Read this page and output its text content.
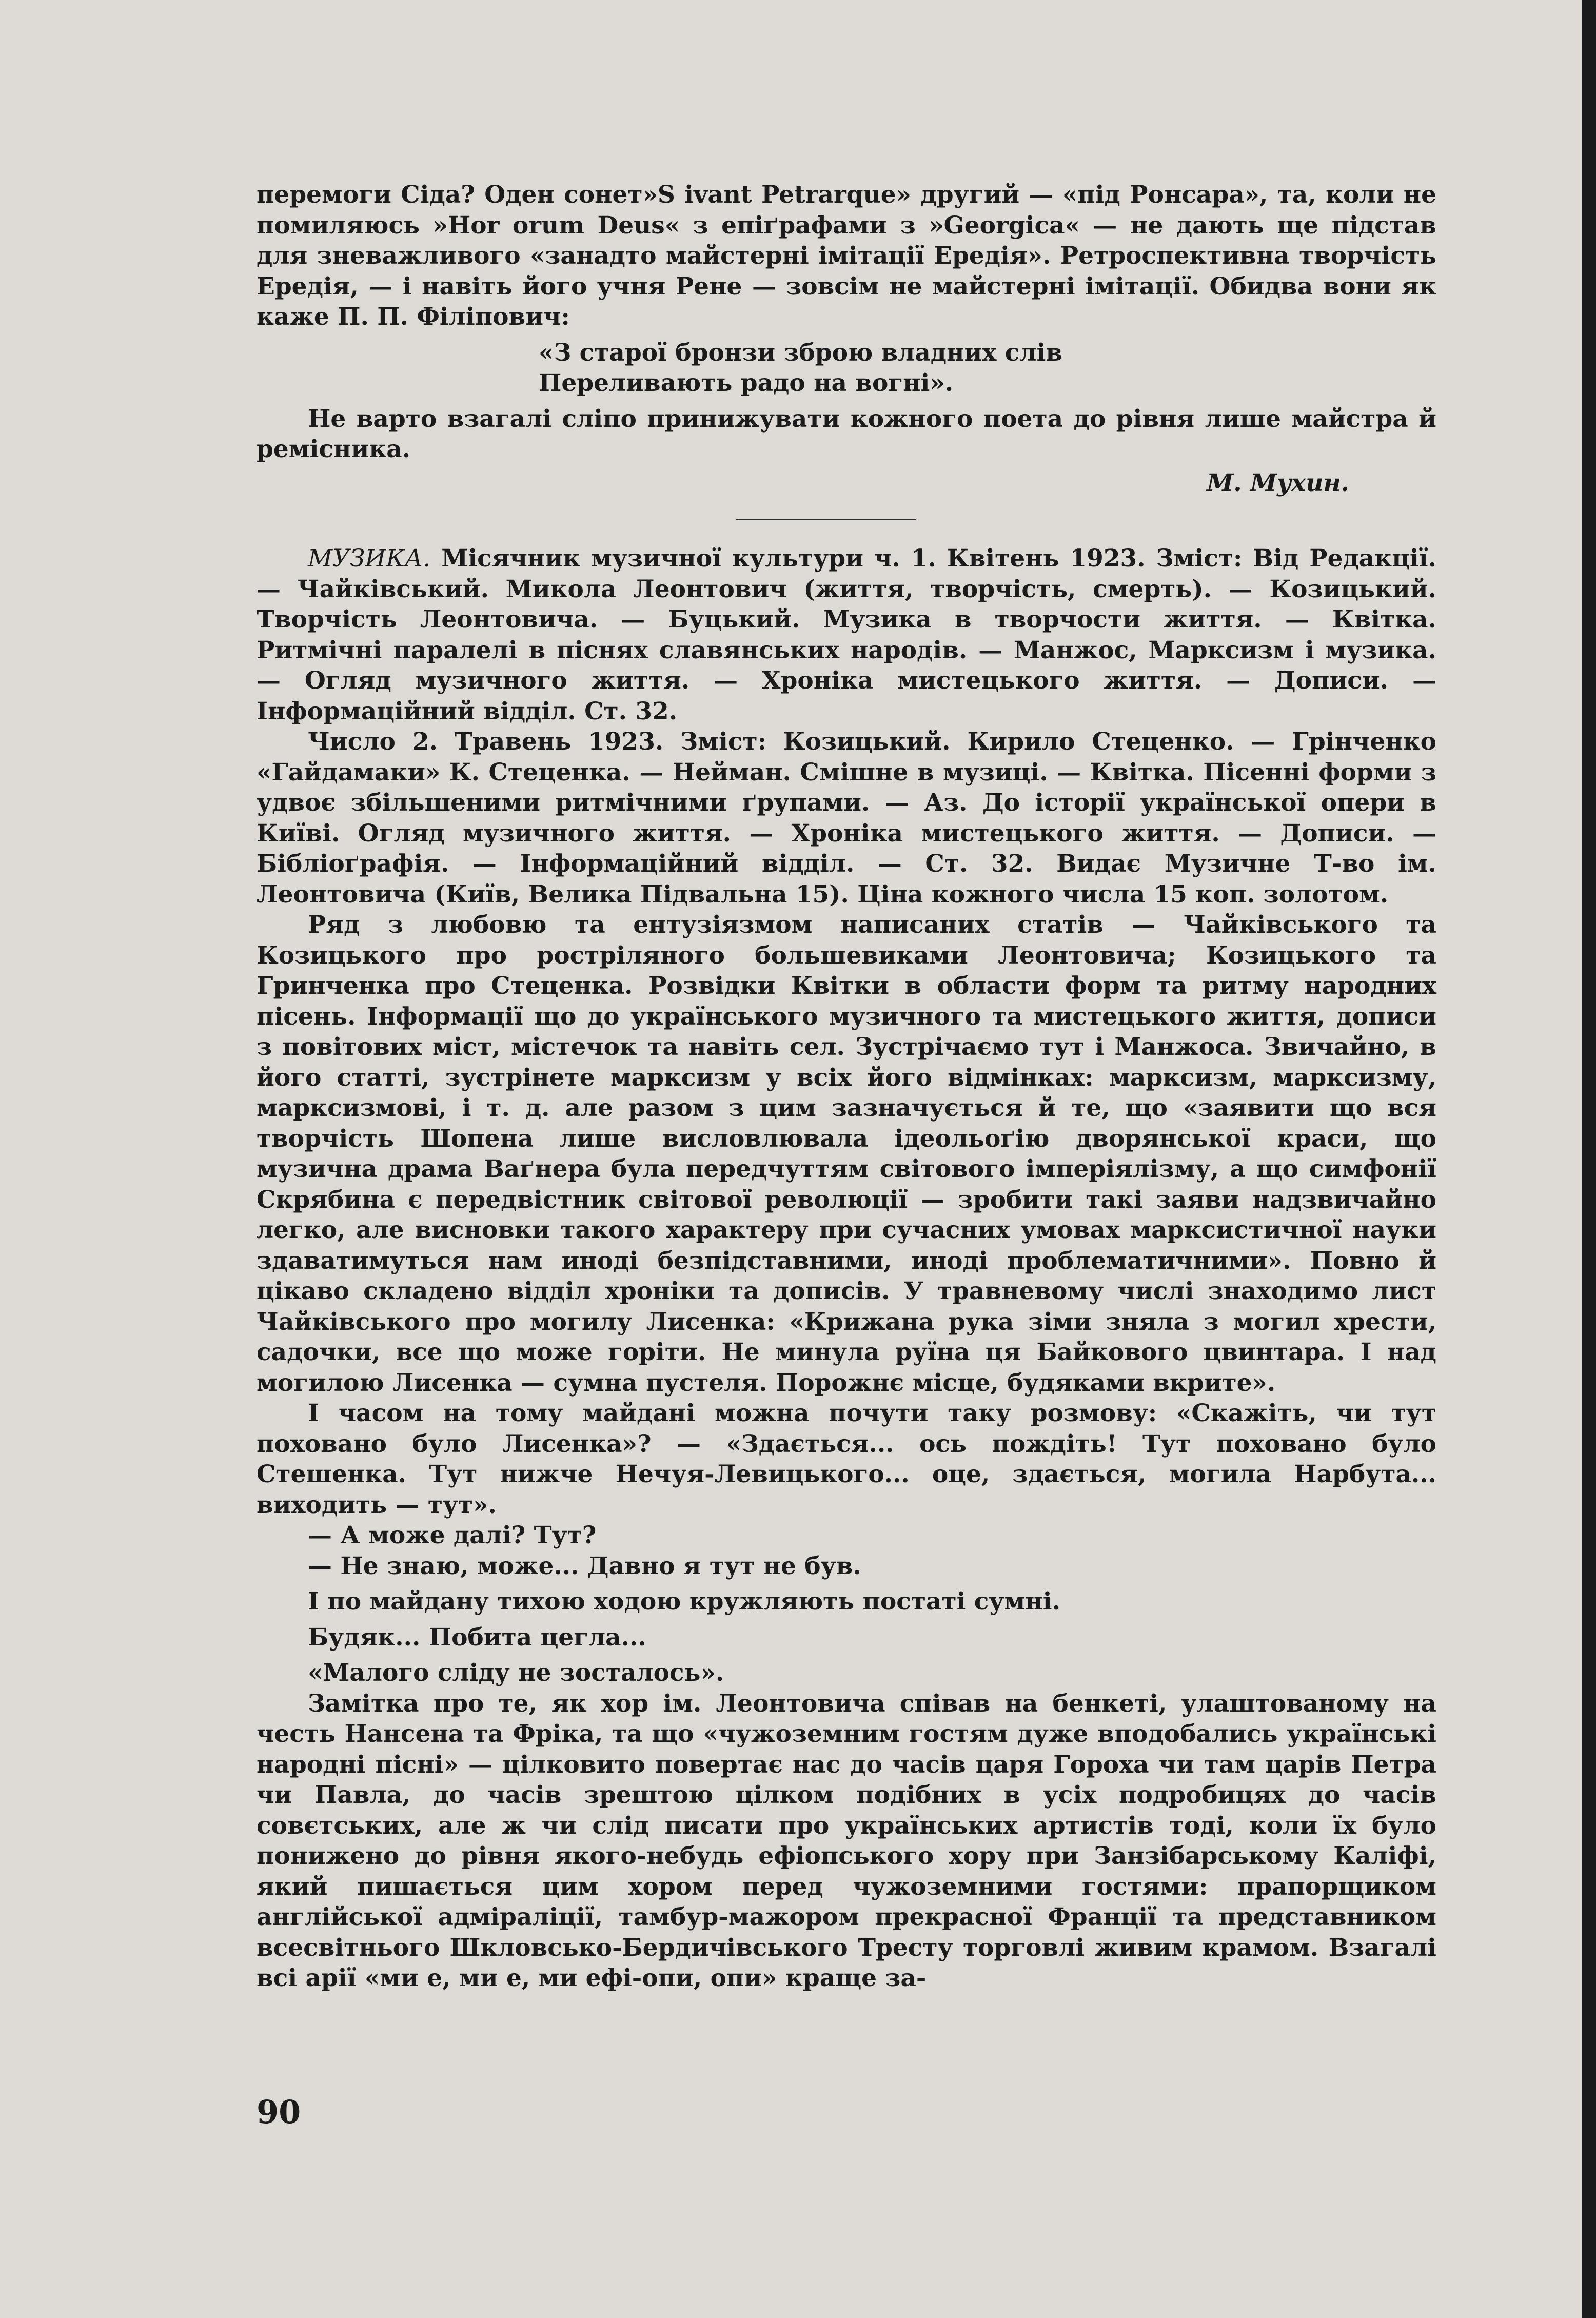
перемоги Сіда? Оден сонет»S ivant Petrarque» другий — «під Ронсара», та, коли не помиляюсь »Hor orum Deus« з епіґрафами з »Georgica« — не дають ще підстав для зневажливого «занадто майстерні імітації Ередія». Ретроспективна творчість Ередія, — і навіть його учня Рене — зовсім не майстерні імітації. Обидва вони як каже П. П. Філіпович:

«З старої бронзи зброю владних слів

Переливають радо на вогні».

Не варто взагалі сліпо принижувати кожного поета до рівня лише майстра й ремісника.

М. Мухин.

МУЗИКА. Місячник музичної культури ч. 1. Квітень 1923. Зміст: Від Редакції. — Чайківський. Микола Леонтович (життя, творчість, смерть). — Козицький. Творчість Леонтовича. — Буцький. Музика в творчости життя. — Квітка. Ритмічні паралелі в піснях славянських народів. — Манжос, Марксизм і музика. — Огляд музичного життя. — Хроніка мистецького життя. — Дописи. — Інформаційний відділ. Ст. 32.

Число 2. Травень 1923. Зміст: Козицький. Кирило Стеценко. — Грінченко «Гайдамаки» К. Стеценка. — Нейман. Смішне в музиці. — Квітка. Пісенні форми з удвоє збільшеними ритмічними ґрупами. — Аз. До історії української опери в Київі. Огляд музичного життя. — Хроніка мистецького життя. — Дописи. — Бібліоґрафія. — Інформаційний відділ. — Ст. 32. Видає Музичне Т-во ім. Леонтовича (Київ, Велика Підвальна 15). Ціна кожного числа 15 коп. золотом.

Ряд з любовю та ентузіязмом написаних статів — Чайківського та Козицького про ростріляного большевиками Леонтовича; Козицького та Гринченка про Стеценка. Розвідки Квітки в области форм та ритму народних пісень. Інформації що до українського музичного та мистецького життя, дописи з повітових міст, містечок та навіть сел. Зустрічаємо тут і Манжоса. Звичайно, в його статті, зустрінете марксизм у всіх його відмінках: марксизм, марксизму, марксизмові, і т. д. але разом з цим зазначується й те, що «заявити що вся творчість Шопена лише висловлювала ідеольоґію дворянської краси, що музична драма Ваґнера була передчуттям світового імперіялізму, а що симфонії Скрябина є передвістник світової революції — зробити такі заяви надзвичайно легко, але висновки такого характеру при сучасних умовах марксистичної науки здаватимуться нам иноді безпідставними, иноді проблематичними». Повно й цікаво складено відділ хроніки та дописів. У травневому числі знаходимо лист Чайківського про могилу Лисенка: «Крижана рука зіми зняла з могил хрести, садочки, все що може горіти. Не минула руїна ця Байкового цвинтара. І над могилою Лисенка — сумна пустеля. Порожнє місце, будяками вкрите».

І часом на тому майдані можна почути таку розмову: «Скажіть, чи тут поховано було Лисенка»? — «Здається... ось пождіть! Тут поховано було Стешенка. Тут нижче Нечуя-Левицького... оце, здається, могила Нарбута... виходить — тут».

— А може далі? Тут?

— Не знаю, може... Давно я тут не був.

І по майдану тихою ходою кружляють постаті сумні.

Будяк... Побита цегла...

«Малого сліду не зосталось».

Замітка про те, як хор ім. Леонтовича співав на бенкеті, улаштованому на честь Нансена та Фріка, та що «чужоземним гостям дуже вподобались українські народні пісні» — цілковито повертає нас до часів царя Гороха чи там царів Петра чи Павла, до часів зрештою цілком подібних в усіх подробицях до часів совєтських, але ж чи слід писати про українських артистів тоді, коли їх було понижено до рівня якого-небудь ефіопського хору при Занзібарському Каліфі, який пишається цим хором перед чужоземними гостями: прапорщиком англійської адміраліції, тамбур-мажором прекрасної Франції та представником всесвітнього Шкловсько-Бердичівського Тресту торговлі живим крамом. Взагалі всі арії «ми е, ми е, ми ефі-опи, опи» краще за-

90
